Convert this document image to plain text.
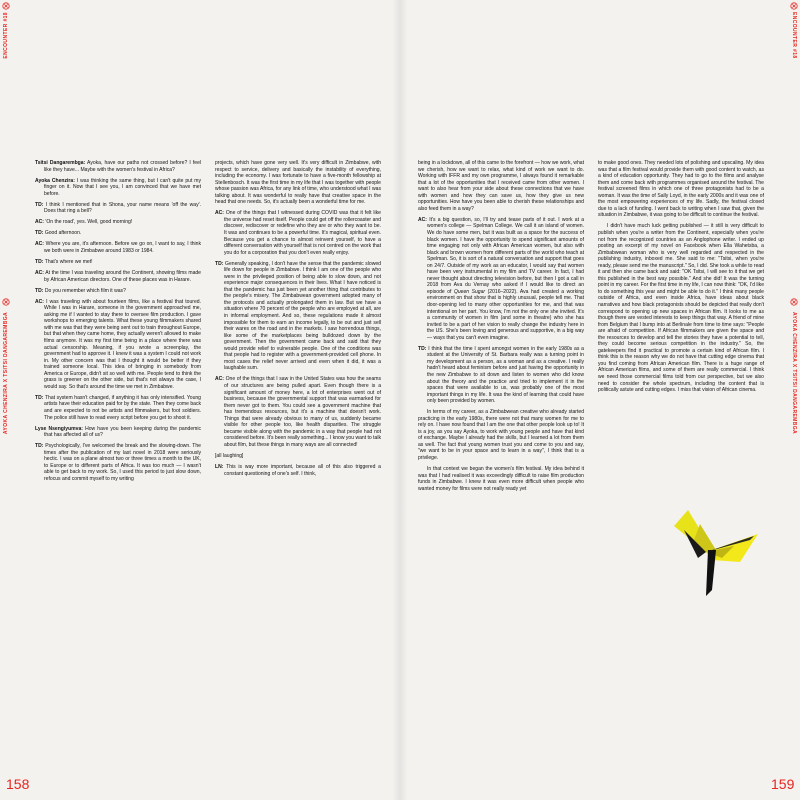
ENCOUNTER #18
AYOKA CHENZIRA X TSITSI DANGAREMBGA
ENCOUNTER #18
AYOKA CHENZIRA X TSITSI DANGAREMBGA
158	159

Tsitsi Dangarembga: Ayoka, have our paths not crossed before? I feel like they have... Maybe with the women's festival in Africa?

Ayoka Chenzira: I was thinking the same thing, but I can't quite put my finger on it. Now that I see you, I am convinced that we have met before.

TD: I think I mentioned that in Shona, your name means 'off the way'. Does that ring a bell?

AC: 'On the road', yes. Well, good morning!

TD: Good afternoon.

AC: Where you are, it's afternoon. Before we go on, I want to say, I think we both were in Zimbabwe around 1983 or 1984.

TD: That's where we met!

AC: At the time I was traveling around the Continent, showing films made by African American directors. One of these places was in Harare.

TD: Do you remember which film it was?

AC: I was traveling with about fourteen films, like a festival that toured. While I was in Harare, someone in the government approached me, asking me if I wanted to stay there to oversee film production. I gave workshops to emerging talents. What these young filmmakers shared with me was that they were being sent out to train throughout Europe, but that when they came home, they actually weren't allowed to make films anymore. It was my first time being in a place where there was actual censorship. Meaning, if you wrote a screenplay, the government had to approve it. I knew it was a system I could not work in. My other concern was that I thought it would be better if they trained someone local. This idea of bringing in somebody from America or Europe, didn't sit so well with me. People tend to think the grass is greener on the other side, but that's not always the case, I would say. So that's around the time we met in Zimbabwe.

TD: That system hasn't changed, if anything it has only intensified. Young artists have their education paid for by the state. Then they come back and are expected to not be artists and filmmakers, but foot soldiers. The police still have to read every script before you get to shoot it.

Lyse Nsengiyumva: How have you been keeping during the pandemic that has affected all of us?

TD: Psychologically, I've welcomed the break and the slowing-down. The times after the publication of my last novel in 2018 were seriously hectic. I was on a plane almost two or three times a month to the UK, to Europe or to different parts of Africa. It was too much — I wasn't able to get back to my work. So, I used this period to just slow down, refocus and commit myself to my writing

projects, which have gone very well. It's very difficult in Zimbabwe, with respect to service, delivery and basically the instability of everything, including the economy. I was fortunate to have a five-month fellowship at Stellenbosch. It was the first time in my life that I was together with people whose passion was Africa, for any link of time, who understood what I was talking about. It was wonderful to really have that creative space in the head that one needs. So, it's actually been a wonderful time for me.

AC: One of the things that I witnessed during COVID was that it felt like the universe had reset itself. People could get off the rollercoaster and discover, rediscover or redefine who they are or who they want to be. It was and continues to be a powerful time. It's magical, spiritual even. Because you get a chance to almost reinvent yourself, to have a different conversation with yourself that is not centred on the work that you do for a corporation that you don't even really enjoy.

TD: Generally speaking, I don't have the sense that the pandemic slowed life down for people in Zimbabwe. I think I am one of the people who were in the privileged position of being able to slow down, and not experience major consequences in their lives. What I have noticed is that the pandemic has just been yet another thing that contributes to the people's misery. The Zimbabwean government adopted many of the protocols and actually prolongated them in law. But we have a situation where 70 percent of the people who are employed at all, are in informal employment. And so, these regulations made it almost impossible for them to earn an income legally, to be out and just sell their wares on the road and in the markets. I saw horrendous things, like some of the marketplaces being bulldozed down by the government. Then the government came back and said that they would provide relief to vulnerable people. One of the conditions was that people had to register with a government-provided cell phone. In most cases the relief never arrived and even when it did, it was a laughable sum.

AC: One of the things that I saw in the United States was how the seams of our structures are being pulled apart. Even though there is a significant amount of money here, a lot of enterprises went out of business, because the governmental support that was earmarked for them never got to them. You could see a government machine that has tremendous resources, but it's a machine that doesn't work. Things that were already obvious to many of us, suddenly became visible for other people too, like health disparities. The struggle became visible along with the pandemic in a way that people had not considered before. It's been really something... I know you want to talk about film, but these things in many ways are all connected!

[all laughing]

LN: This is way more important, because all of this also triggered a constant questioning of one's self. I think,

being in a lockdown, all of this came to the forefront — how we work, what we cherish, how we want to relax, what kind of work we want to do. Working with IFFR and my own programme, I always found it remarkable that a lot of the opportunities that I received came from other women. I want to also hear from your side about these connections that we have with women and how they can save us, how they give us new opportunities. How have you been able to cherish these relationships and also feed them in a way?

AC: It's a big question, so, I'll try and tease parts of it out. I work at a women's college — Spelman College. We call it an island of women. We do have some men, but it was built as a space for the success of black women. I have the opportunity to spend significant amounts of time engaging not only with African American women, but also with black and brown women from different parts of the world who teach at Spelman. So, it is sort of a natural conversation and support that goes on 24/7. Outside of my work as an educator, I would say that women have been very instrumental in my film and TV career. In fact, I had never thought about directing television before, but then I got a call in 2018 from Ava du Vernay who asked if I would like to direct an episode of Queen Sugar (2016–2022). Ava had created a working environment on that show that is highly unusual, people tell me. That door-opening led to many other opportunities for me, and that was intentional on her part. You know, I'm not the only one she invited. It's a community of women in film (and some in theatre) who she has invited to be a part of her vision to really change the industry here in the US. She's been loving and generous and supportive, in a big way — ways that you can't even imagine.

TD: I think that the time I spent amongst women in the early 1980s as a student at the University of St. Barbara really was a turning point in my development as a person, as a woman and as a creative. I really hadn't heard about feminism before and just having the opportunity in the new Zimbabwe to sit down and listen to women who did know about the theory and the practice and tried to implement it in the spaces that were available to us, was probably one of the most important things in my life. It was the kind of learning that could have only been provided by women.

In terms of my career, as a Zimbabwean creative who already started practicing in the early 1980s, there were not that many women for me to rely on. I have now found that I am the one that other people look up to! It is a joy, as you say Ayoka, to work with young people and have that kind of exchange. Maybe I already had the skills, but I learned a lot from them as well. The fact that young women trust you and come to you and say, "we want to be in your space and to learn in a way", I think that is a privilege.

In that context we began the women's film festival. My idea behind it was that I had realised it was exceedingly difficult to raise film production funds in Zimbabwe. I knew it was even more difficult when people who wanted money for films were not really ready yet

to make good ones. They needed lots of polishing and upscaling. My idea was that a film festival would provide them with good content to watch, as a kind of education opportunity. They had to go to the films and analyse them and come back with programmes organised around the festival. The festival screened films in which one of three protagonists had to be a woman. It was the time of Sally Loyd, in the early 2000s and it was one of the most empowering experiences of my life. Sadly, the festival closed due to a lack of funding. I went back to writing when I saw that, given the situation in Zimbabwe, it was going to be difficult to continue the festival.

I didn't have much luck getting published — it still is very difficult to publish when you're a writer from the Continent, especially when you're not from the recognized countries as an Anglophone writer. I ended up posting an excerpt of my novel on Facebook when Ella Wahetsba, a Zimbabwean woman who is very well regarded and respected in the publishing industry, inboxed me. She said to me: "Tsitsi, when you're ready, please send me the manuscript." So, I did. She took a while to read it and then she came back and said: "OK Tsitsi, I will see to it that we get this published in the best way possible." And she did! It was the turning point in my career. For the first time in my life, I can now think: "OK, I'd like to do something this year and might be able to do it." I think many people outside of Africa, and even inside Africa, have ideas about black narratives and how black protagonists should be depicted that really don't correspond to opening up new spaces in African film. It looks to me as though there are vested interests to keep things that way. A friend of mine from Belgium that I bump into at Berlinale from time to time says: "People are afraid of competition. If African filmmakers are given the space and the resources to develop and tell the stories they have a potential to tell, they could become serious competition in the industry." So, the gatekeepers find it practical to promote a certain kind of African film. I think this is the reason why we do not have that cutting edge cinema that you find coming from African American film. There is a huge range of African American films, and some of them are really commercial. I think we need those commercial films told from our perspective, but we also need to consider the whole spectrum, including the content that is politically astute and cutting edges. I miss that vision of African cinema.
